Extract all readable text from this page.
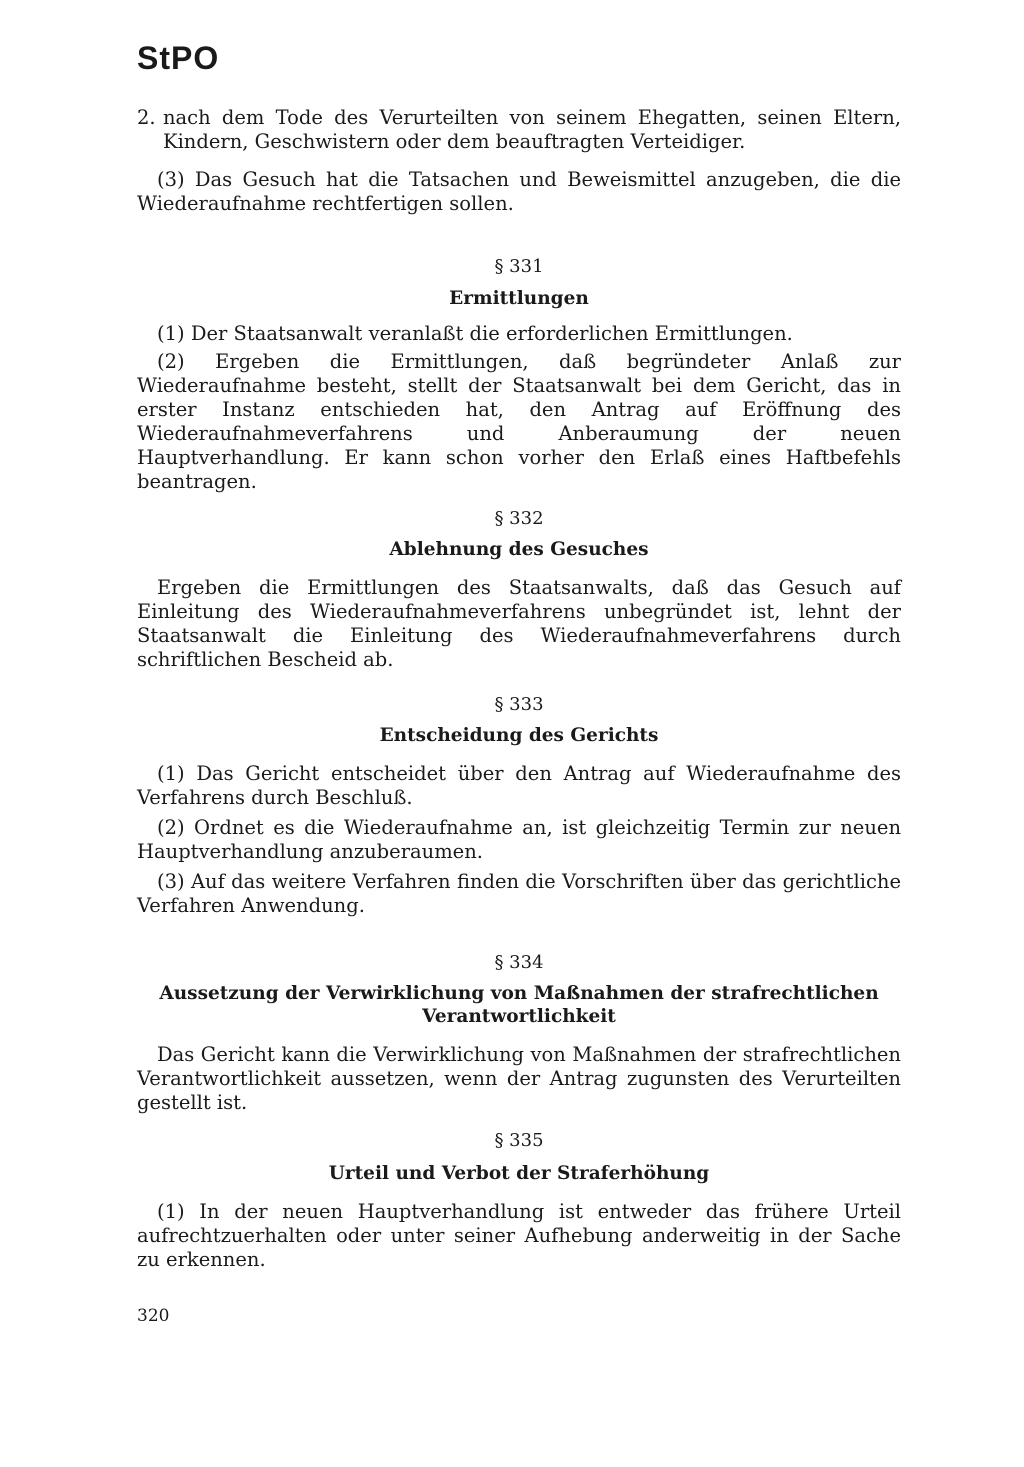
StPO
2. nach dem Tode des Verurteilten von seinem Ehegatten, seinen Eltern, Kindern, Geschwistern oder dem beauftragten Verteidiger.

(3) Das Gesuch hat die Tatsachen und Beweismittel anzugeben, die die Wiederaufnahme rechtfertigen sollen.

§ 331
Ermittlungen

(1) Der Staatsanwalt veranlaßt die erforderlichen Ermittlungen.

(2) Ergeben die Ermittlungen, daß begründeter Anlaß zur Wiederaufnahme besteht, stellt der Staatsanwalt bei dem Gericht, das in erster Instanz entschieden hat, den Antrag auf Eröffnung des Wiederaufnahmeverfahrens und Anberaumung der neuen Hauptverhandlung. Er kann schon vorher den Erlaß eines Haftbefehls beantragen.

§ 332
Ablehnung des Gesuches

Ergeben die Ermittlungen des Staatsanwalts, daß das Gesuch auf Einleitung des Wiederaufnahmeverfahrens unbegründet ist, lehnt der Staatsanwalt die Einleitung des Wiederaufnahmeverfahrens durch schriftlichen Bescheid ab.

§ 333
Entscheidung des Gerichts

(1) Das Gericht entscheidet über den Antrag auf Wiederaufnahme des Verfahrens durch Beschluß.

(2) Ordnet es die Wiederaufnahme an, ist gleichzeitig Termin zur neuen Hauptverhandlung anzuberaumen.

(3) Auf das weitere Verfahren finden die Vorschriften über das gerichtliche Verfahren Anwendung.

§ 334
Aussetzung der Verwirklichung von Maßnahmen der strafrechtlichen
Verantwortlichkeit

Das Gericht kann die Verwirklichung von Maßnahmen der strafrechtlichen Verantwortlichkeit aussetzen, wenn der Antrag zugunsten des Verurteilten gestellt ist.

§ 335
Urteil und Verbot der Straferhöhung

(1) In der neuen Hauptverhandlung ist entweder das frühere Urteil aufrechtzuerhalten oder unter seiner Aufhebung anderweitig in der Sache zu erkennen.

320
